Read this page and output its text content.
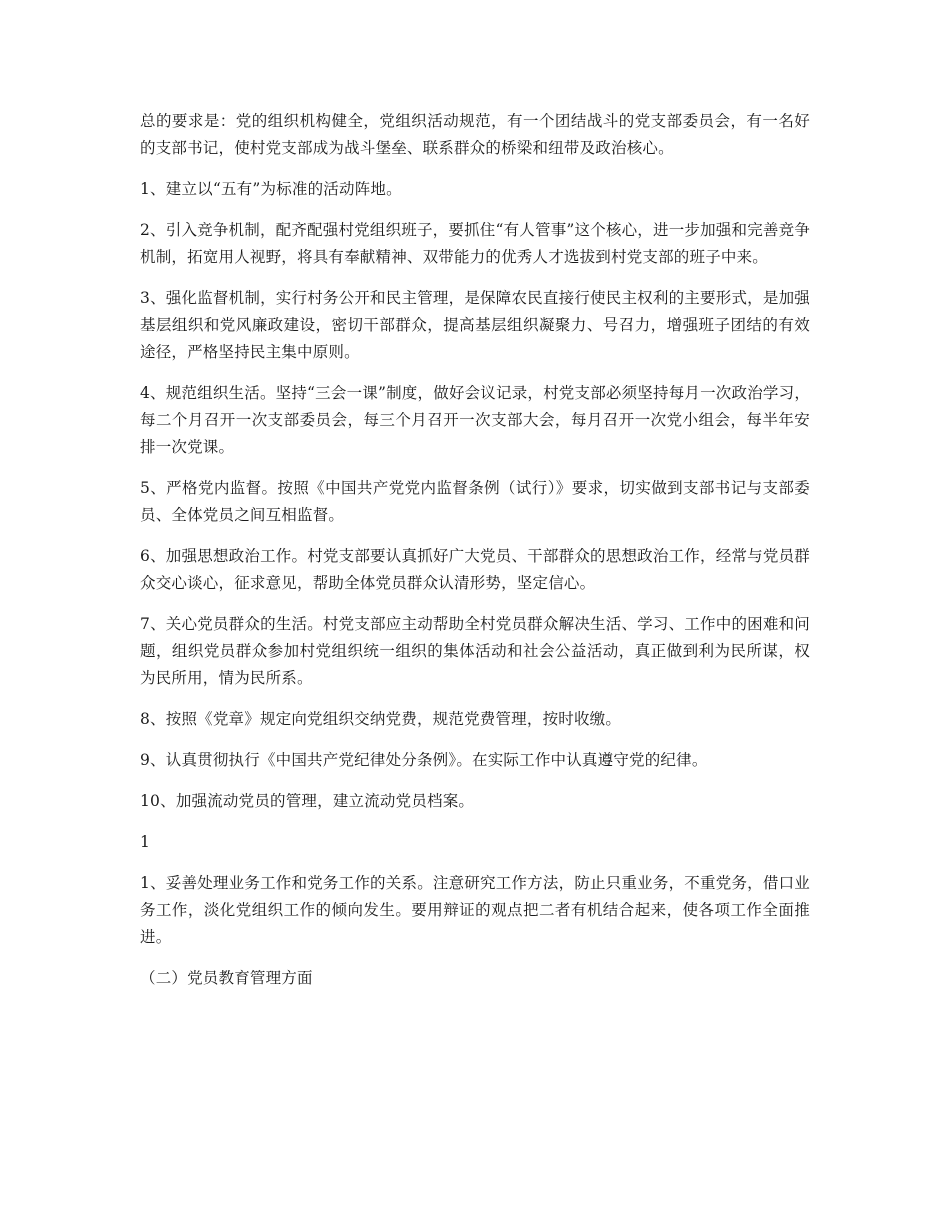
总的要求是：党的组织机构健全，党组织活动规范，有一个团结战斗的党支部委员会，有一名好的支部书记，使村党支部成为战斗堡垒、联系群众的桥梁和纽带及政治核心。

1、建立以“五有”为标准的活动阵地。

2、引入竞争机制，配齐配强村党组织班子，要抓住“有人管事”这个核心，进一步加强和完善竞争机制，拓宽用人视野，将具有奉献精神、双带能力的优秀人才选拔到村党支部的班子中来。

3、强化监督机制，实行村务公开和民主管理，是保障农民直接行使民主权利的主要形式，是加强基层组织和党风廉政建设，密切干部群众，提高基层组织凝聚力、号召力，增强班子团结的有效途径，严格坚持民主集中原则。

4、规范组织生活。坚持“三会一课”制度，做好会议记录，村党支部必须坚持每月一次政治学习，每二个月召开一次支部委员会，每三个月召开一次支部大会，每月召开一次党小组会，每半年安排一次党课。

5、严格党内监督。按照《中国共产党党内监督条例（试行）》要求，切实做到支部书记与支部委员、全体党员之间互相监督。

6、加强思想政治工作。村党支部要认真抓好广大党员、干部群众的思想政治工作，经常与党员群众交心谈心，征求意见，帮助全体党员群众认清形势，坚定信心。

7、关心党员群众的生活。村党支部应主动帮助全村党员群众解决生活、学习、工作中的困难和问题，组织党员群众参加村党组织统一组织的集体活动和社会公益活动，真正做到利为民所谋，权为民所用，情为民所系。

8、按照《党章》规定向党组织交纳党费，规范党费管理，按时收缴。

9、认真贯彻执行《中国共产党纪律处分条例》。在实际工作中认真遵守党的纪律。

10、加强流动党员的管理，建立流动党员档案。

1

1、妥善处理业务工作和党务工作的关系。注意研究工作方法，防止只重业务，不重党务，借口业务工作，淡化党组织工作的倾向发生。要用辩证的观点把二者有机结合起来，使各项工作全面推进。

（二）党员教育管理方面
